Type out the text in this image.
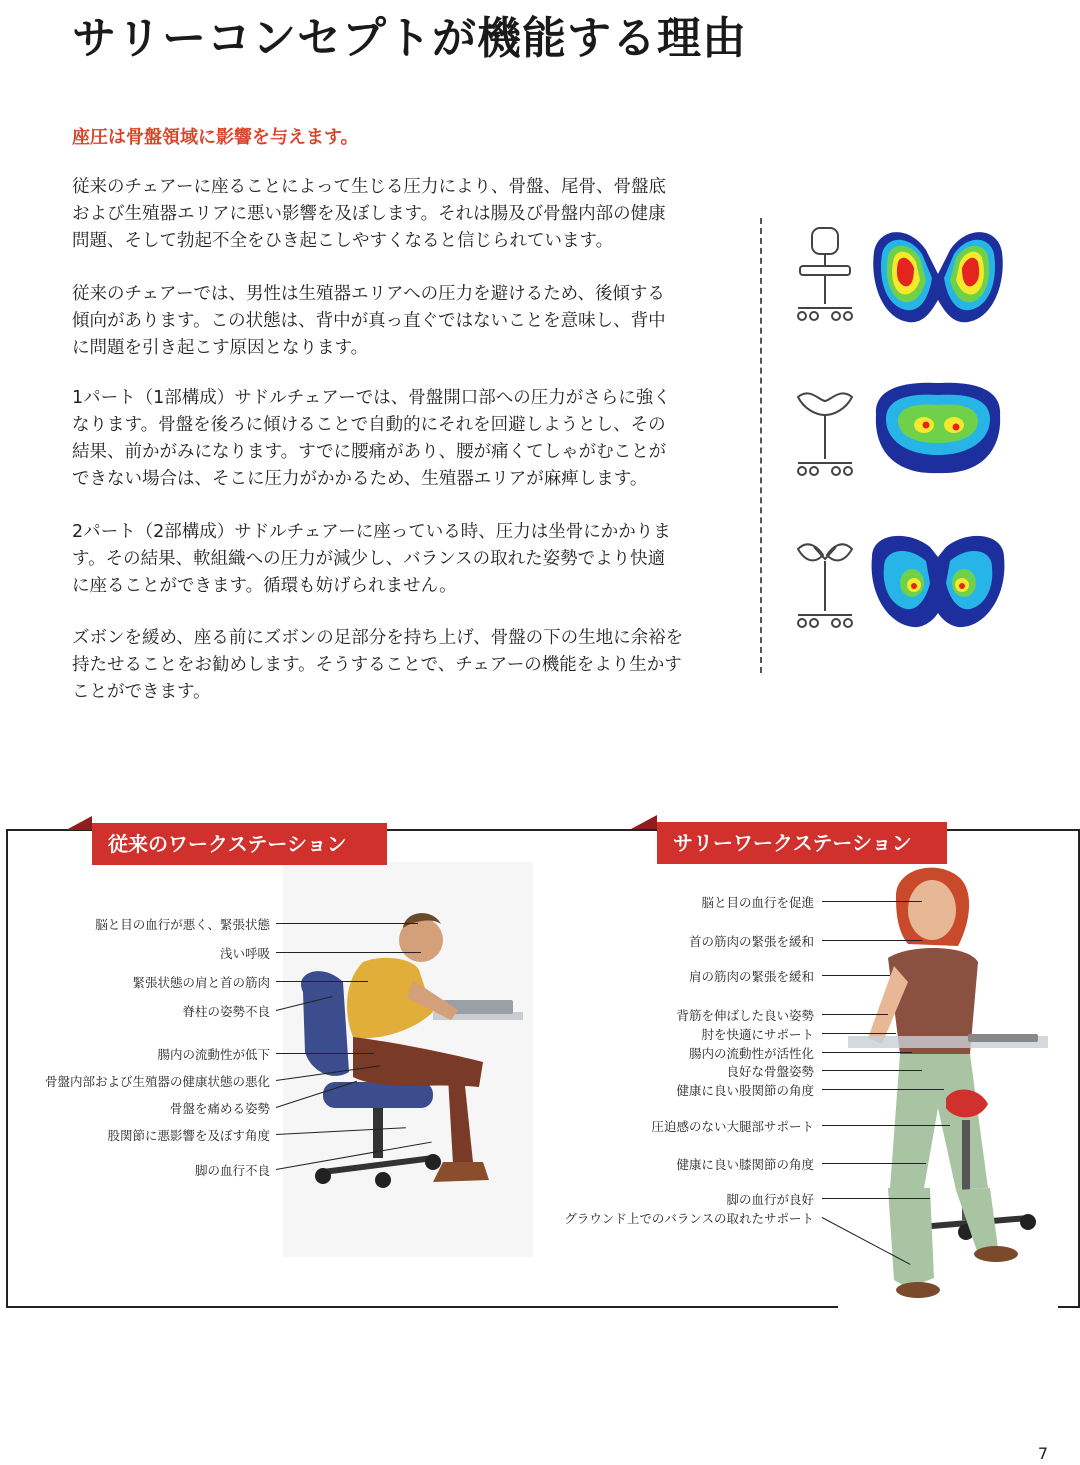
サリーコンセプトが機能する理由
座圧は骨盤領域に影響を与えます。
従来のチェアーに座ることによって生じる圧力により、骨盤、尾骨、骨盤底
および生殖器エリアに悪い影響を及ぼします。それは腸及び骨盤内部の健康
問題、そして勃起不全をひき起こしやすくなると信じられています。
従来のチェアーでは、男性は生殖器エリアへの圧力を避けるため、後傾する
傾向があります。この状態は、背中が真っ直ぐではないことを意味し、背中
に問題を引き起こす原因となります。
1パート（1部構成）サドルチェアーでは、骨盤開口部への圧力がさらに強く
なります。骨盤を後ろに傾けることで自動的にそれを回避しようとし、その
結果、前かがみになります。すでに腰痛があり、腰が痛くてしゃがむことが
できない場合は、そこに圧力がかかるため、生殖器エリアが麻痺します。
2パート（2部構成）サドルチェアーに座っている時、圧力は坐骨にかかりま
す。その結果、軟組織への圧力が減少し、バランスの取れた姿勢でより快適
に座ることができます。循環も妨げられません。
ズボンを緩め、座る前にズボンの足部分を持ち上げ、骨盤の下の生地に余裕を
持たせることをお勧めします。そうすることで、チェアーの機能をより生かす
ことができます。
従来のワークステーション	サリーワークステーション
脳と目の血行が悪く、緊張状態
浅い呼吸
緊張状態の肩と首の筋肉
脊柱の姿勢不良
腸内の流動性が低下
骨盤内部および生殖器の健康状態の悪化
骨盤を痛める姿勢
股関節に悪影響を及ぼす角度
脚の血行不良
脳と目の血行を促進
首の筋肉の緊張を緩和
肩の筋肉の緊張を緩和
背筋を伸ばした良い姿勢
肘を快適にサポート
腸内の流動性が活性化
良好な骨盤姿勢
健康に良い股関節の角度
圧迫感のない大腿部サポート
健康に良い膝関節の角度
脚の血行が良好
グラウンド上でのバランスの取れたサポート
7
